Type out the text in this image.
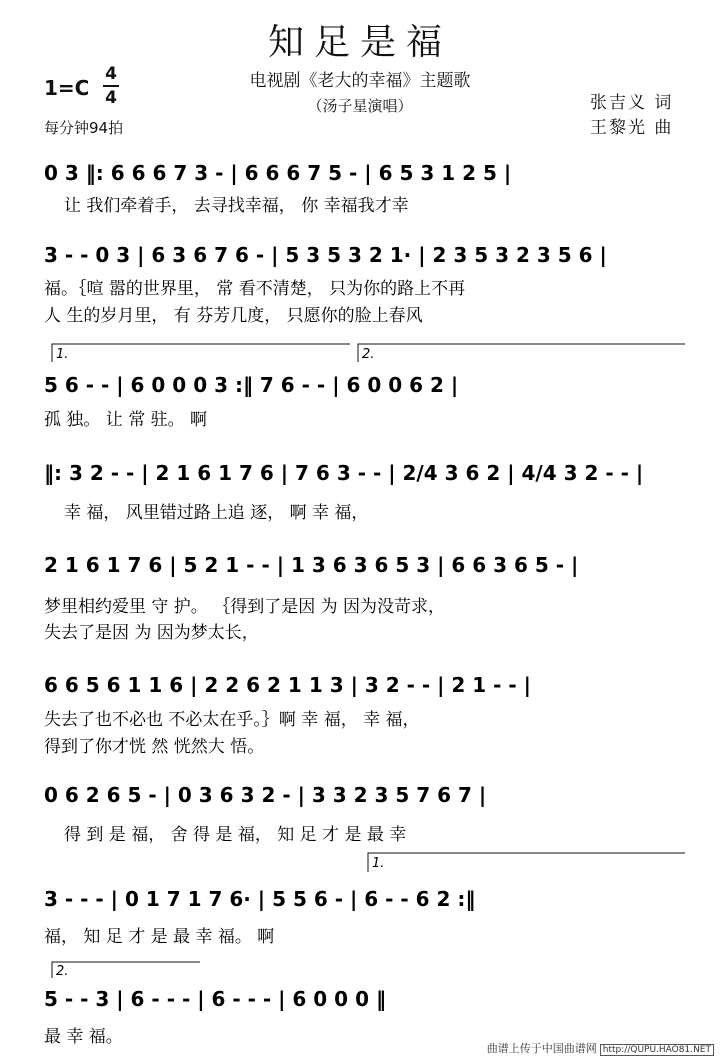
知足是福
电视剧《老大的幸福》主题歌
（汤子星演唱）
1=C
4
4
每分钟94拍
张吉义 词
王黎光 曲
0 3 ‖: 6 6 6 7 3 - | 6 6 6 7 5 - | 6 5 3 1 2 5 |
让 我们牵着手， 去寻找幸福， 你 幸福我才幸
3 - - 0 3 | 6 3 6 7 6 - | 5 3 5 3 2 1· | 2 3 5 3 2 3 5 6 |
福。｛喧 嚣的世界里， 常 看不清楚， 只为你的路上不再
人 生的岁月里， 有 芬芳几度， 只愿你的脸上春风
1.	2.
5 6 - - | 6 0 0 0 3 :‖ 7 6 - - | 6 0 0 6 2 |
孤 独。 让 常 驻。 啊
‖: 3 2 - - | 2 1 6 1 7 6 | 7 6 3 - - | 2/4 3 6 2 | 4/4 3 2 - - |
幸 福， 风里错过路上追 逐， 啊 幸 福，
2 1 6 1 7 6 | 5 2 1 - - | 1 3 6 3 6 5 3 | 6 6 3 6 5 - |
梦里相约爱里 守 护。 ｛得到了是因 为 因为没苛求，
失去了是因 为 因为梦太长，
6 6 5 6 1 1 6 | 2 2 6 2 1 1 3 | 3 2 - - | 2 1 - - |
失去了也不必也 不必太在乎。｝啊 幸 福， 幸 福，
得到了你才恍 然 恍然大 悟。
0 6 2 6 5 - | 0 3 6 3 2 - | 3 3 2 3 5 7 6 7 |
得 到 是 福， 舍 得 是 福， 知 足 才 是 最 幸
1.
3 - - - | 0 1 7 1 7 6· | 5 5 6 - | 6 - - 6 2 :‖
福， 知 足 才 是 最 幸 福。 啊
2.
5 - - 3 | 6 - - - | 6 - - - | 6 0 0 0 ‖
最 幸 福。
曲谱上传于中国曲谱网 http://QUPU.HAO81.NET
